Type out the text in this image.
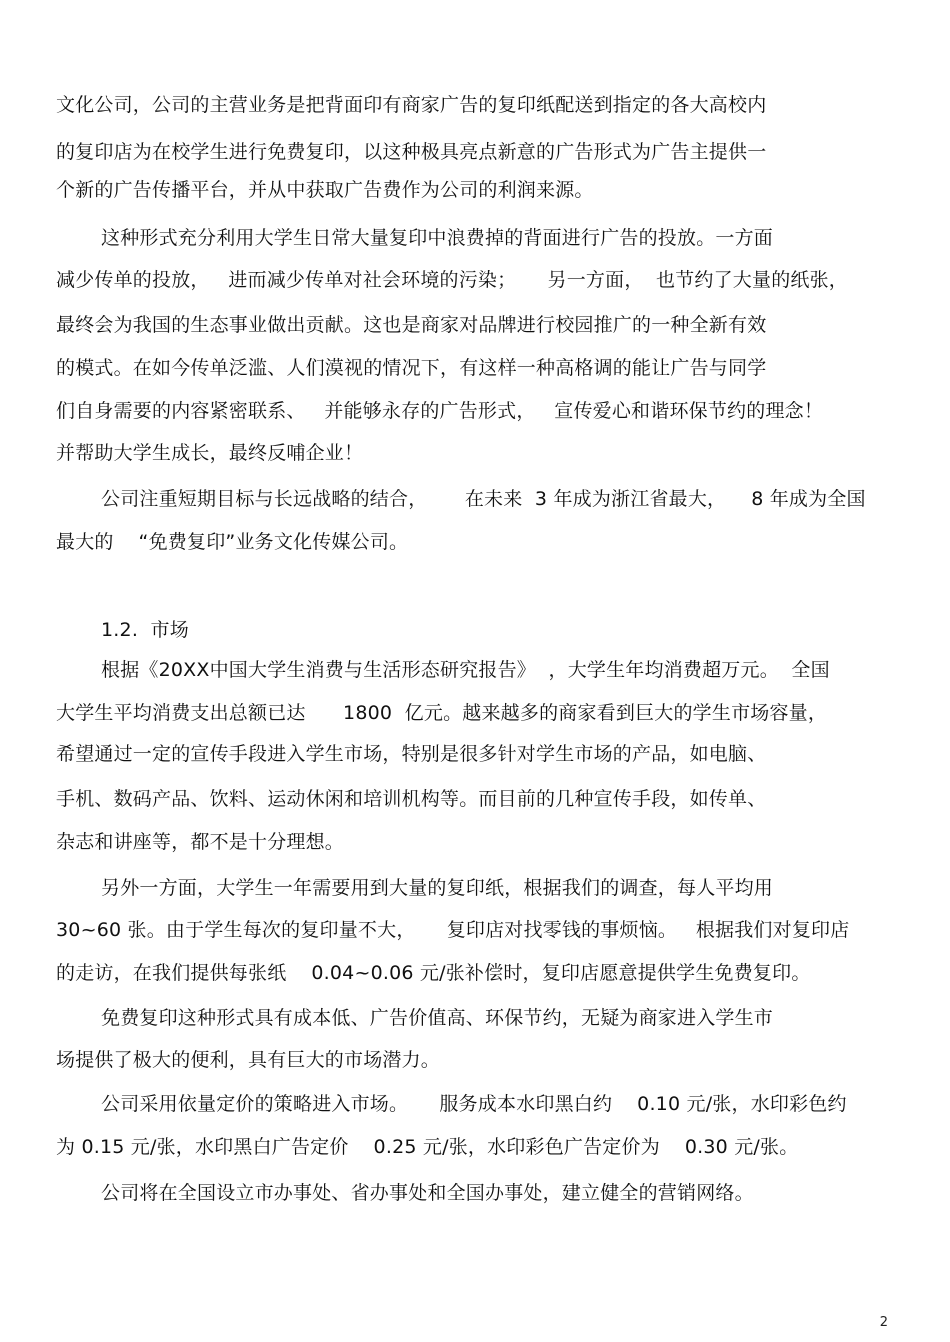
文化公司，公司的主营业务是把背面印有商家广告的复印纸配送到指定的各大高校内
的复印店为在校学生进行免费复印，以这种极具亮点新意的广告形式为广告主提供一
个新的广告传播平台，并从中获取广告费作为公司的利润来源。
这种形式充分利用大学生日常大量复印中浪费掉的背面进行广告的投放。一方面
减少传单的投放，   进而减少传单对社会环境的污染；     另一方面，  也节约了大量的纸张，
最终会为我国的生态事业做出贡献。这也是商家对品牌进行校园推广的一种全新有效
的模式。在如今传单泛滥、人们漠视的情况下，有这样一种高格调的能让广告与同学
们自身需要的内容紧密联系、   并能够永存的广告形式，   宣传爱心和谐环保节约的理念！
并帮助大学生成长，最终反哺企业！
公司注重短期目标与长远战略的结合，      在未来  3 年成为浙江省最大，    8 年成为全国
最大的    “免费复印”业务文化传媒公司。
1.2.  市场
根据《20XX中国大学生消费与生活形态研究报告》  ，大学生年均消费超万元。  全国
大学生平均消费支出总额已达      1800  亿元。越来越多的商家看到巨大的学生市场容量，
希望通过一定的宣传手段进入学生市场，特别是很多针对学生市场的产品，如电脑、
手机、数码产品、饮料、运动休闲和培训机构等。而目前的几种宣传手段，如传单、
杂志和讲座等，都不是十分理想。
另外一方面，大学生一年需要用到大量的复印纸，根据我们的调查，每人平均用
30~60 张。由于学生每次的复印量不大，     复印店对找零钱的事烦恼。   根据我们对复印店
的走访，在我们提供每张纸    0.04~0.06 元/张补偿时，复印店愿意提供学生免费复印。
免费复印这种形式具有成本低、广告价值高、环保节约，无疑为商家进入学生市
场提供了极大的便利，具有巨大的市场潜力。
公司采用依量定价的策略进入市场。     服务成本水印黑白约    0.10 元/张，水印彩色约
为 0.15 元/张，水印黑白广告定价    0.25 元/张，水印彩色广告定价为    0.30 元/张。
公司将在全国设立市办事处、省办事处和全国办事处，建立健全的营销网络。
2
